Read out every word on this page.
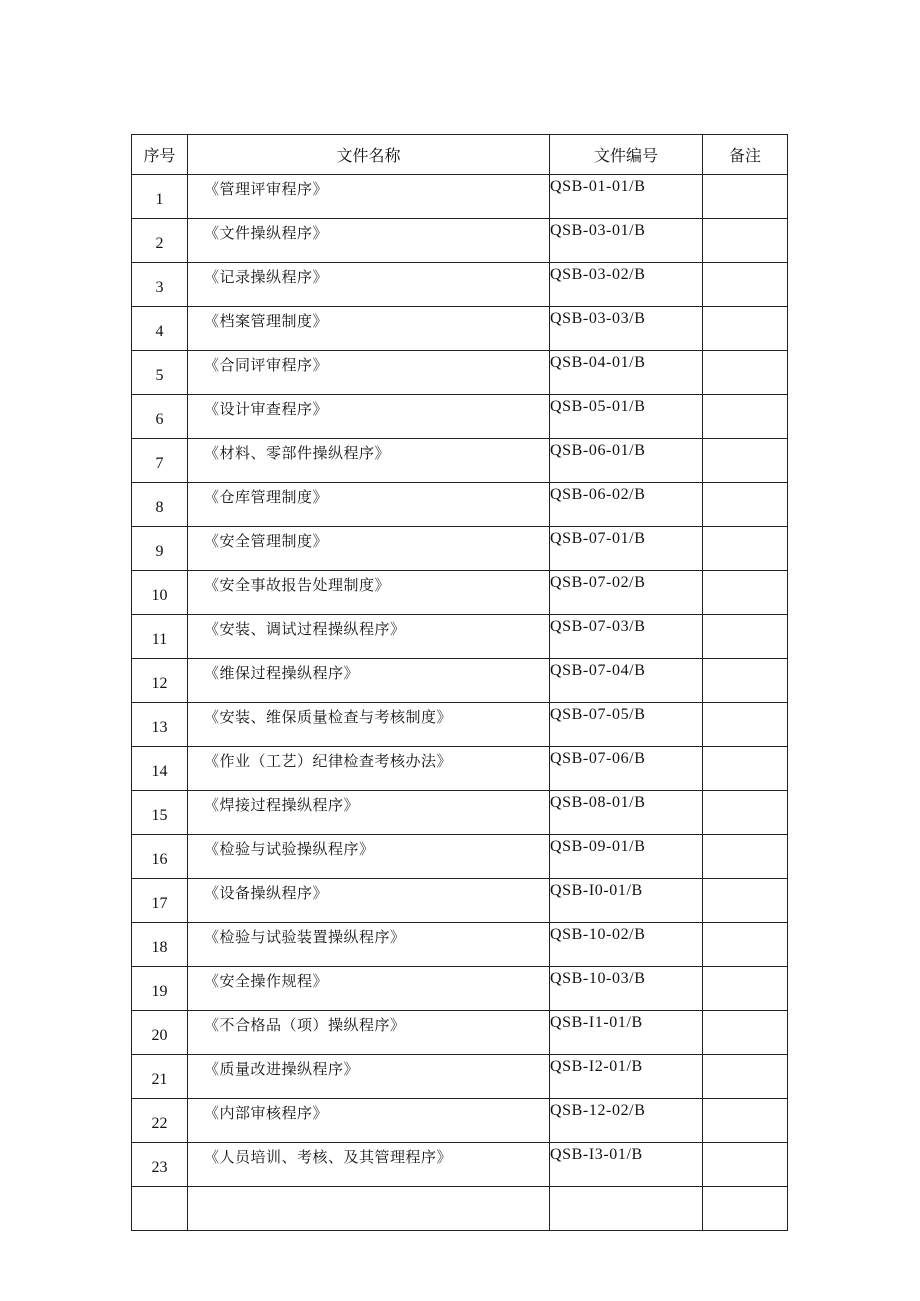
序号	文件名称	文件编号	备注
1	《管理评审程序》	QSB-01-01/B	
2	《文件操纵程序》	QSB-03-01/B	
3	《记录操纵程序》	QSB-03-02/B	
4	《档案管理制度》	QSB-03-03/B	
5	《合同评审程序》	QSB-04-01/B	
6	《设计审查程序》	QSB-05-01/B	
7	《材料、零部件操纵程序》	QSB-06-01/B	
8	《仓库管理制度》	QSB-06-02/B	
9	《安全管理制度》	QSB-07-01/B	
10	《安全事故报告处理制度》	QSB-07-02/B	
11	《安装、调试过程操纵程序》	QSB-07-03/B	
12	《维保过程操纵程序》	QSB-07-04/B	
13	《安装、维保质量检查与考核制度》	QSB-07-05/B	
14	《作业（工艺）纪律检查考核办法》	QSB-07-06/B	
15	《焊接过程操纵程序》	QSB-08-01/B	
16	《检验与试验操纵程序》	QSB-09-01/B	
17	《设备操纵程序》	QSB-I0-01/B	
18	《检验与试验装置操纵程序》	QSB-10-02/B	
19	《安全操作规程》	QSB-10-03/B	
20	《不合格品（项）操纵程序》	QSB-I1-01/B	
21	《质量改进操纵程序》	QSB-I2-01/B	
22	《内部审核程序》	QSB-12-02/B	
23	《人员培训、考核、及其管理程序》	QSB-I3-01/B	
